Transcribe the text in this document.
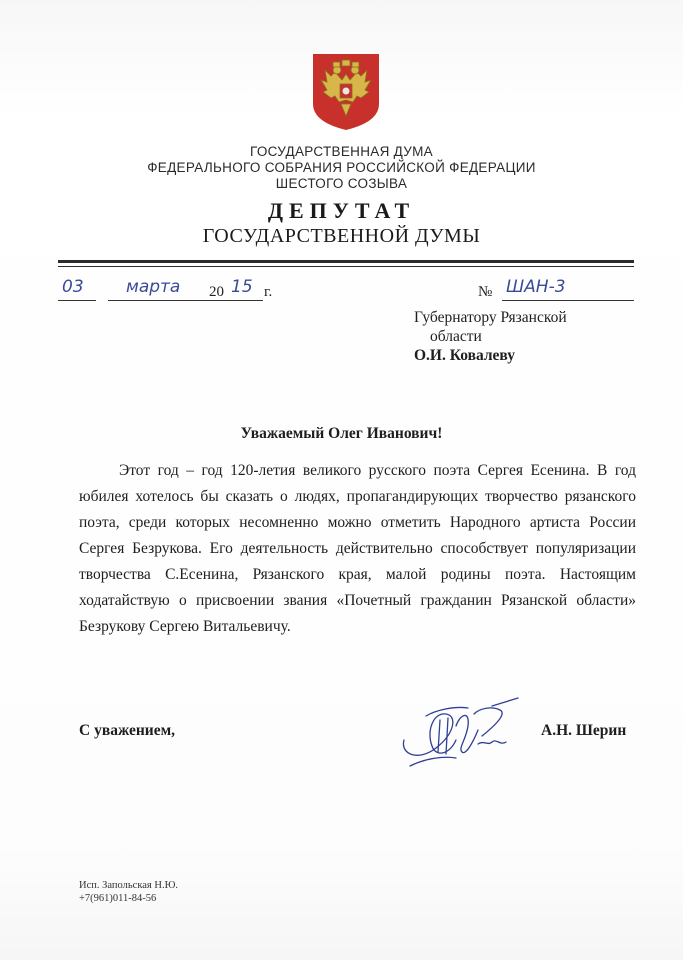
ГОСУДАРСТВЕННАЯ ДУМА
ФЕДЕРАЛЬНОГО СОБРАНИЯ РОССИЙСКОЙ ФЕДЕРАЦИИ
ШЕСТОГО СОЗЫВА
ДЕПУТАТ
ГОСУДАРСТВЕННОЙ ДУМЫ
03 марта 20 15 г.	№ ШАН-3
Губернатору Рязанской
области
О.И. Ковалеву
Уважаемый Олег Иванович!
Этот год – год 120-летия великого русского поэта Сергея Есенина. В год юбилея хотелось бы сказать о людях, пропагандирующих творчество рязанского поэта, среди которых несомненно можно отметить Народного артиста России Сергея Безрукова. Его деятельность действительно способствует популяризации творчества С.Есенина, Рязанского края, малой родины поэта. Настоящим ходатайствую о присвоении звания «Почетный гражданин Рязанской области» Безрукову Сергею Витальевичу.
С уважением,	А.Н. Шерин
Исп. Запольская Н.Ю.
+7(961)011-84-56
